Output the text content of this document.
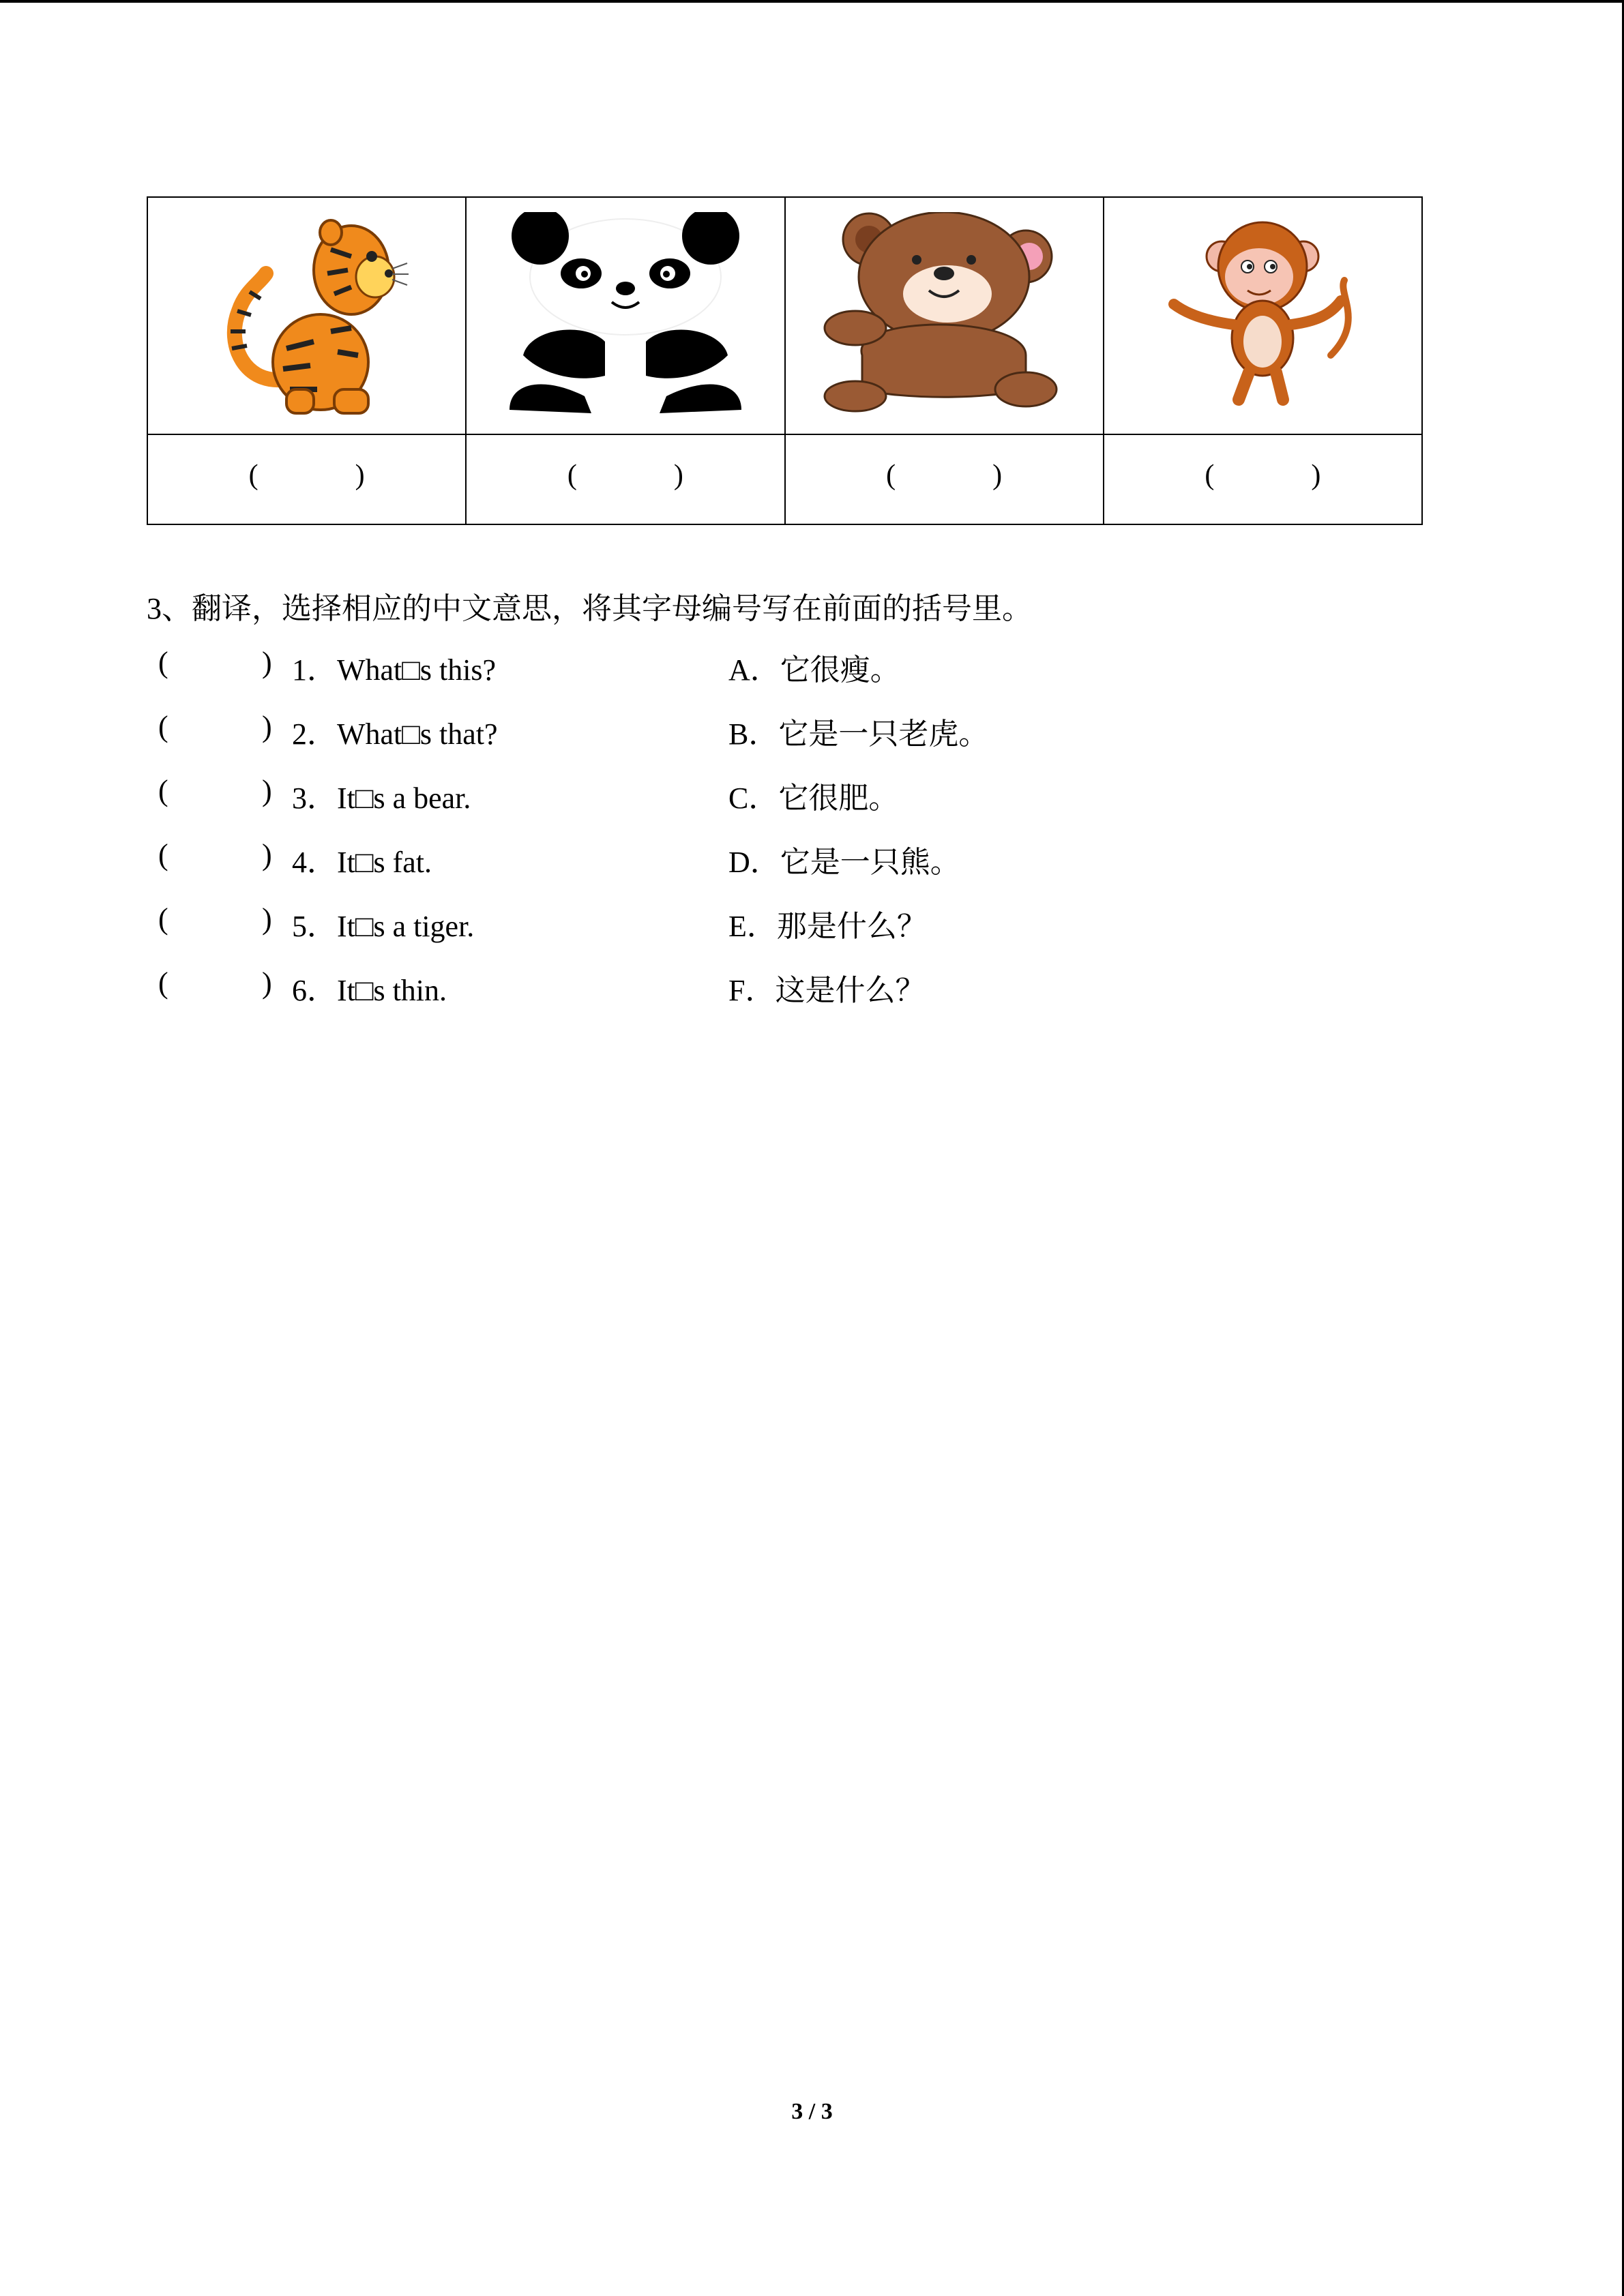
( )	( )	( )	( )
3、翻译，选择相应的中文意思，将其字母编号写在前面的括号里。
(	) 1．What□s this?	A．它很瘦。
(	) 2．What□s that?	B．它是一只老虎。
(	) 3．It□s a bear.	C．它很肥。
(	) 4．It□s fat.	D．它是一只熊。
(	) 5．It□s a tiger.	E．那是什么？
(	) 6．It□s thin.	F．这是什么？
3 / 3
